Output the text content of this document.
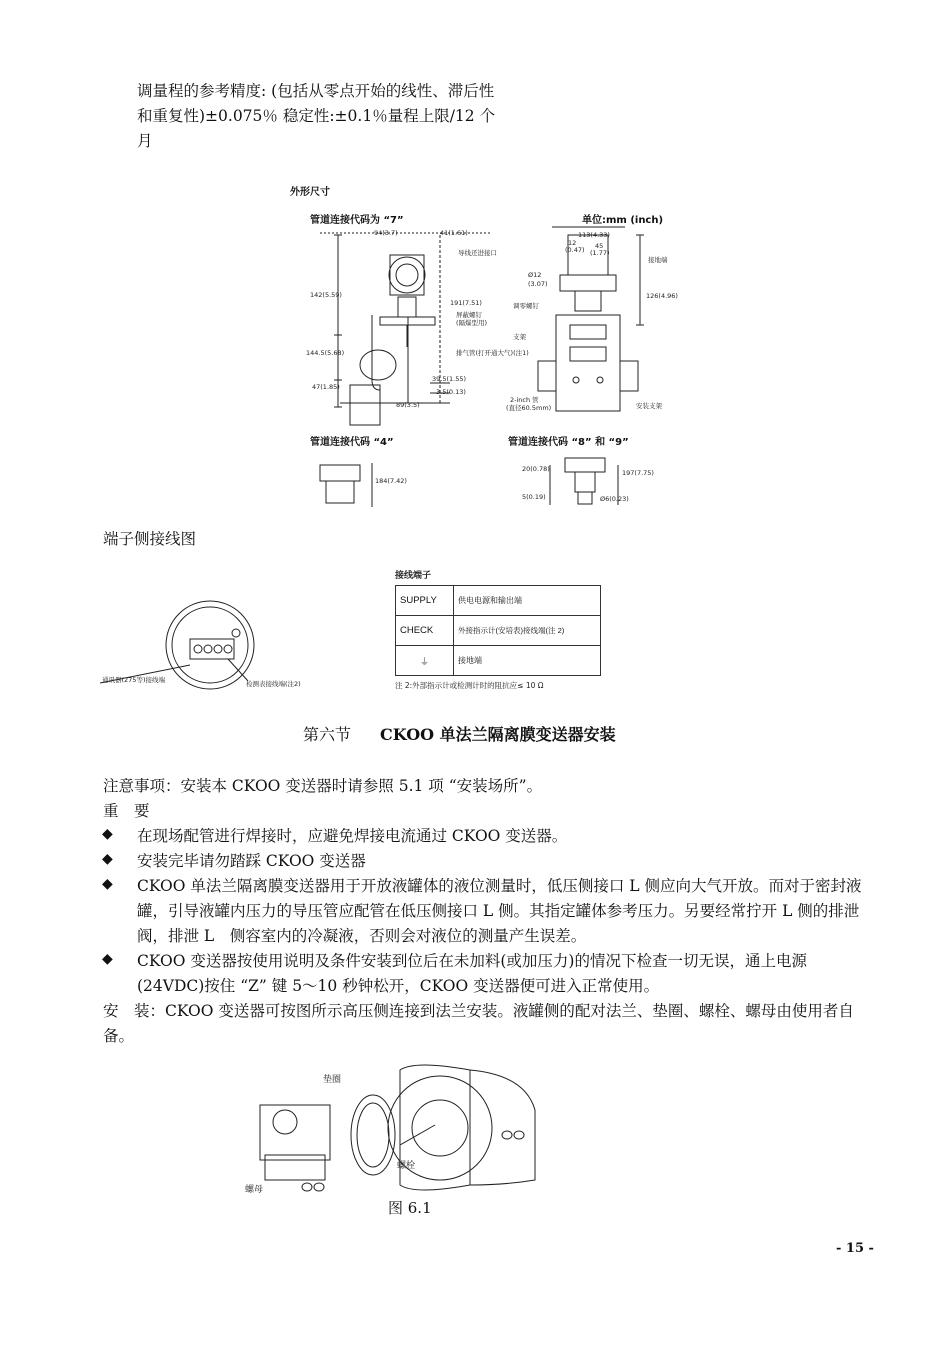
调量程的参考精度: (包括从零点开始的线性、滞后性
和重复性)±0.075％ 稳定性:±0.1％量程上限/12 个
月
外形尺寸
管道连接代码为 “7”	单位:mm (inch)
管道连接代码 “4”	管道连接代码 “8” 和 “9”
94(3.7)	41(1.61)	113(4.33)
12
(0.47) 45
(1.77)
142(5.59)
191(7.51)
144.5(5.68)
47(1.85)
39.5(1.55)
3.5(0.13)
89(3.5)
Ø12
(3.07)
126(4.96)
184(7.42)
20(0.78)	197(7.75)
5(0.19)	Ø6(0.23)
导线还进接口
屏蔽螺钉
(隔爆型用)
排气管(打开通大气)(注1)
接地端
调零螺钉
支架
2-inch 管
(直径60.5mm)	安装支架
端子侧接线图
通讯器(275等)接线端	检测表接线端(注2)
接线端子
SUPPLY	供电电源和输出端
CHECK	外接指示计(安培表)接线端(注 2)
⏚	接地端
注 2:外部指示计或检测计时的阻抗应≤ 10 Ω
第六节 CKOO 单法兰隔离膜变送器安装
注意事项：安装本 CKOO 变送器时请参照 5.1 项 “安装场所”。
重　要
◆ 在现场配管进行焊接时，应避免焊接电流通过 CKOO 变送器。
◆ 安装完毕请勿踏踩 CKOO 变送器
◆ CKOO 单法兰隔离膜变送器用于开放液罐体的液位测量时，低压侧接口 L 侧应向大气开放。而对于密封液罐，引导液罐内压力的导压管应配管在低压侧接口 L 侧。其指定罐体参考压力。另要经常拧开 L 侧的排泄阀，排泄 L　侧容室内的冷凝液，否则会对液位的测量产生误差。
◆ CKOO 变送器按使用说明及条件安装到位后在未加料(或加压力)的情况下检查一切无误，通上电源(24VDC)按住 “Z” 键 5～10 秒钟松开，CKOO 变送器便可进入正常使用。
安　装：CKOO 变送器可按图所示高压侧连接到法兰安装。液罐侧的配对法兰、垫圈、螺栓、螺母由使用者自备。
垫圈
螺栓
螺母
图 6.1
- 15 -
